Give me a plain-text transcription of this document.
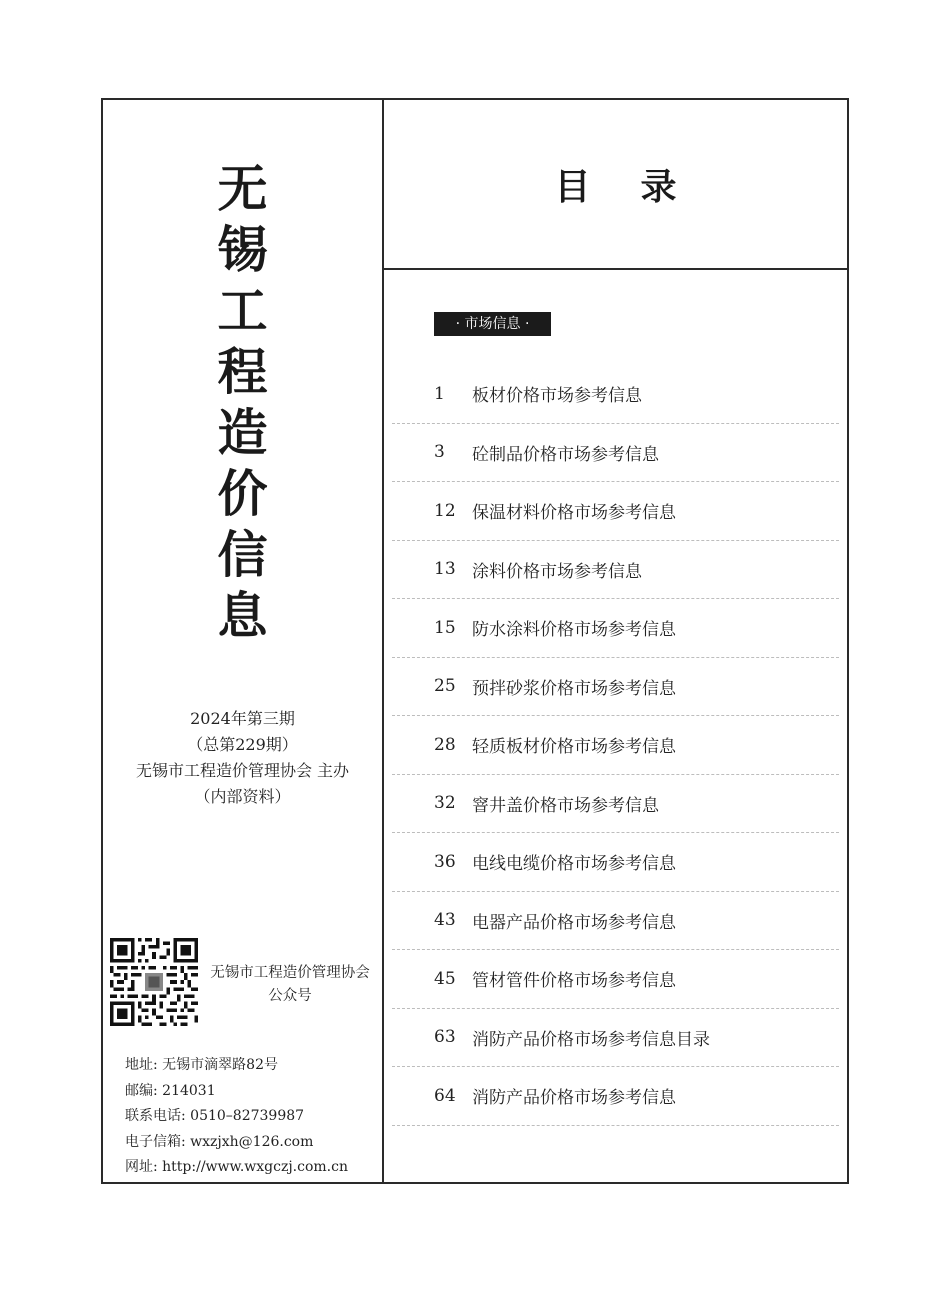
无
锡
工
程
造
价
信
息
2024年第三期
（总第229期）
无锡市工程造价管理协会 主办
（内部资料）
无锡市工程造价管理协会
公众号
地址: 无锡市滴翠路82号
邮编: 214031
联系电话: 0510–82739987
电子信箱: wxzjxh@126.com
网址: http://www.wxgczj.com.cn
目录
· 市场信息 ·
1	板材价格市场参考信息
3	砼制品价格市场参考信息
12 保温材料价格市场参考信息
13 涂料价格市场参考信息
15 防水涂料价格市场参考信息
25 预拌砂浆价格市场参考信息
28 轻质板材价格市场参考信息
32 窨井盖价格市场参考信息
36 电线电缆价格市场参考信息
43 电器产品价格市场参考信息
45 管材管件价格市场参考信息
63 消防产品价格市场参考信息目录
64 消防产品价格市场参考信息
